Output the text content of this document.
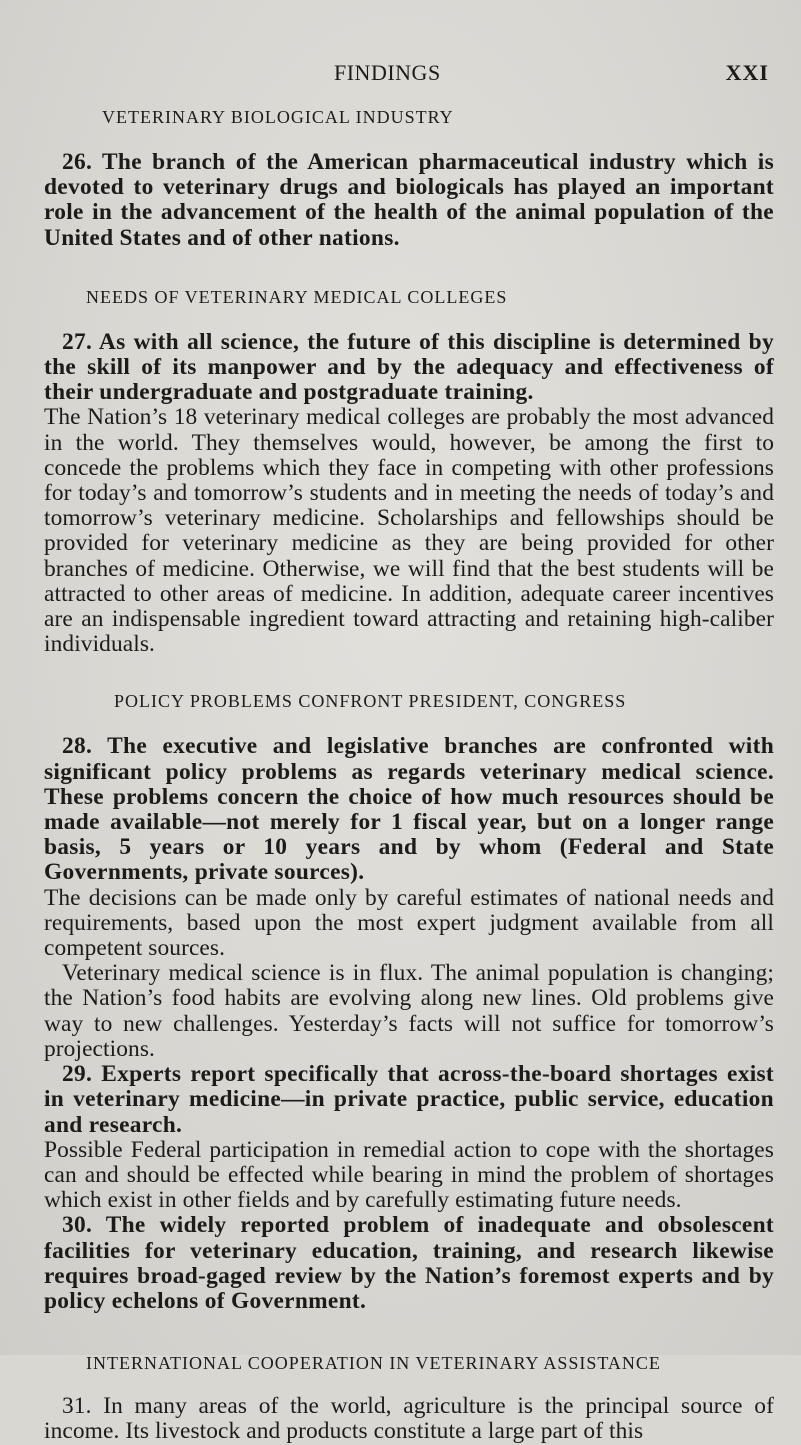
FINDINGS	XXI
VETERINARY BIOLOGICAL INDUSTRY

26. The branch of the American pharmaceutical industry which is devoted to veterinary drugs and biologicals has played an important role in the advancement of the health of the animal population of the United States and of other nations.

NEEDS OF VETERINARY MEDICAL COLLEGES

27. As with all science, the future of this discipline is determined by the skill of its manpower and by the adequacy and effectiveness of their undergraduate and postgraduate training.

The Nation’s 18 veterinary medical colleges are probably the most advanced in the world. They themselves would, however, be among the first to concede the problems which they face in competing with other professions for today’s and tomorrow’s students and in meeting the needs of today’s and tomorrow’s veterinary medicine. Scholarships and fellowships should be provided for veterinary medicine as they are being provided for other branches of medicine. Otherwise, we will find that the best students will be attracted to other areas of medicine. In addition, adequate career incentives are an indispensable ingredient toward attracting and retaining high-caliber individuals.

POLICY PROBLEMS CONFRONT PRESIDENT, CONGRESS

28. The executive and legislative branches are confronted with significant policy problems as regards veterinary medical science. These problems concern the choice of how much resources should be made available—not merely for 1 fiscal year, but on a longer range basis, 5 years or 10 years and by whom (Federal and State Governments, private sources).

The decisions can be made only by careful estimates of national needs and requirements, based upon the most expert judgment available from all competent sources.

Veterinary medical science is in flux. The animal population is changing; the Nation’s food habits are evolving along new lines. Old problems give way to new challenges. Yesterday’s facts will not suffice for tomorrow’s projections.

29. Experts report specifically that across-the-board shortages exist in veterinary medicine—in private practice, public service, education and research.

Possible Federal participation in remedial action to cope with the shortages can and should be effected while bearing in mind the problem of shortages which exist in other fields and by carefully estimating future needs.

30. The widely reported problem of inadequate and obsolescent facilities for veterinary education, training, and research likewise requires broad-gaged review by the Nation’s foremost experts and by policy echelons of Government.

INTERNATIONAL COOPERATION IN VETERINARY ASSISTANCE

31. In many areas of the world, agriculture is the principal source of income. Its livestock and products constitute a large part of this
